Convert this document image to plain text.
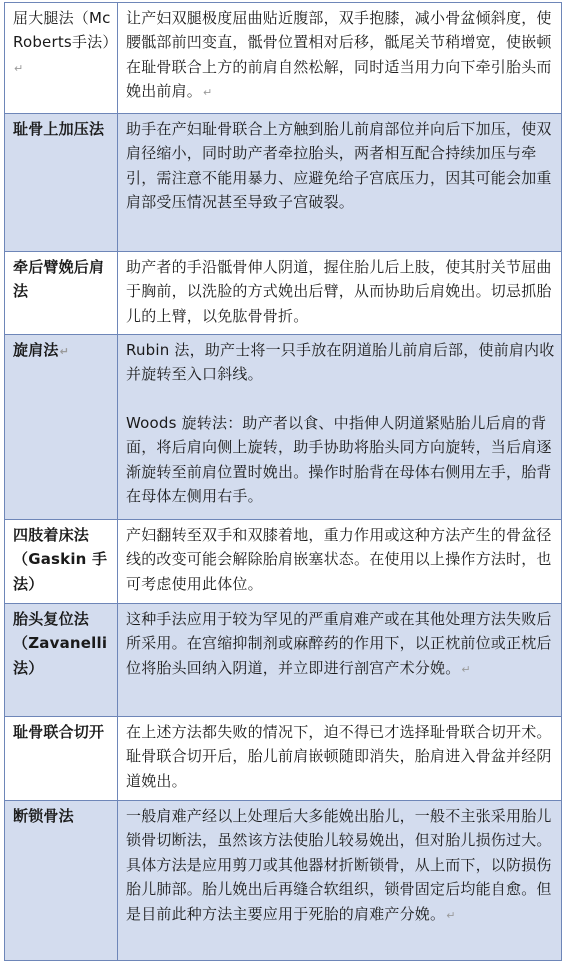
屈大腿法（McRoberts手法）↵	让产妇双腿极度屈曲贴近腹部，双手抱膝，减小骨盆倾斜度，使腰骶部前凹变直，骶骨位置相对后移，骶尾关节稍增宽，使嵌顿在耻骨联合上方的前肩自然松解，同时适当用力向下牵引胎头而娩出前肩。↵
耻骨上加压法	助手在产妇耻骨联合上方触到胎儿前肩部位并向后下加压，使双肩径缩小，同时助产者牵拉胎头，两者相互配合持续加压与牵引，需注意不能用暴力、应避免给子宫底压力，因其可能会加重肩部受压情况甚至导致子宫破裂。
牵后臂娩后肩法	助产者的手沿骶骨伸人阴道，握住胎儿后上肢，使其肘关节屈曲于胸前，以洗脸的方式娩出后臂，从而协助后肩娩出。切忌抓胎儿的上臂，以免肱骨骨折。
旋肩法↵	Rubin 法，助产士将一只手放在阴道胎儿前肩后部，使前肩内收并旋转至入口斜线。
Woods 旋转法：助产者以食、中指伸人阴道紧贴胎儿后肩的背面，将后肩向侧上旋转，助手协助将胎头同方向旋转，当后肩逐渐旋转至前肩位置时娩出。操作时胎背在母体右侧用左手，胎背在母体左侧用右手。

四肢着床法（Gaskin 手法）	产妇翻转至双手和双膝着地，重力作用或这种方法产生的骨盆径线的改变可能会解除胎肩嵌塞状态。在使用以上操作方法时，也可考虑使用此体位。
胎头复位法（Zavanelli法）	这种手法应用于较为罕见的严重肩难产或在其他处理方法失败后所采用。在宫缩抑制剂或麻醉药的作用下，以正枕前位或正枕后位将胎头回纳入阴道，并立即进行剖宫产术分娩。↵
耻骨联合切开	在上述方法都失败的情况下，迫不得已才选择耻骨联合切开术。耻骨联合切开后，胎儿前肩嵌顿随即消失，胎肩进入骨盆并经阴道娩出。
断锁骨法	一般肩难产经以上处理后大多能娩出胎儿，一般不主张采用胎儿锁骨切断法，虽然该方法使胎儿较易娩出，但对胎儿损伤过大。具体方法是应用剪刀或其他器材折断锁骨，从上而下，以防损伤胎儿肺部。胎儿娩出后再缝合软组织，锁骨固定后均能自愈。但是目前此种方法主要应用于死胎的肩难产分娩。↵
